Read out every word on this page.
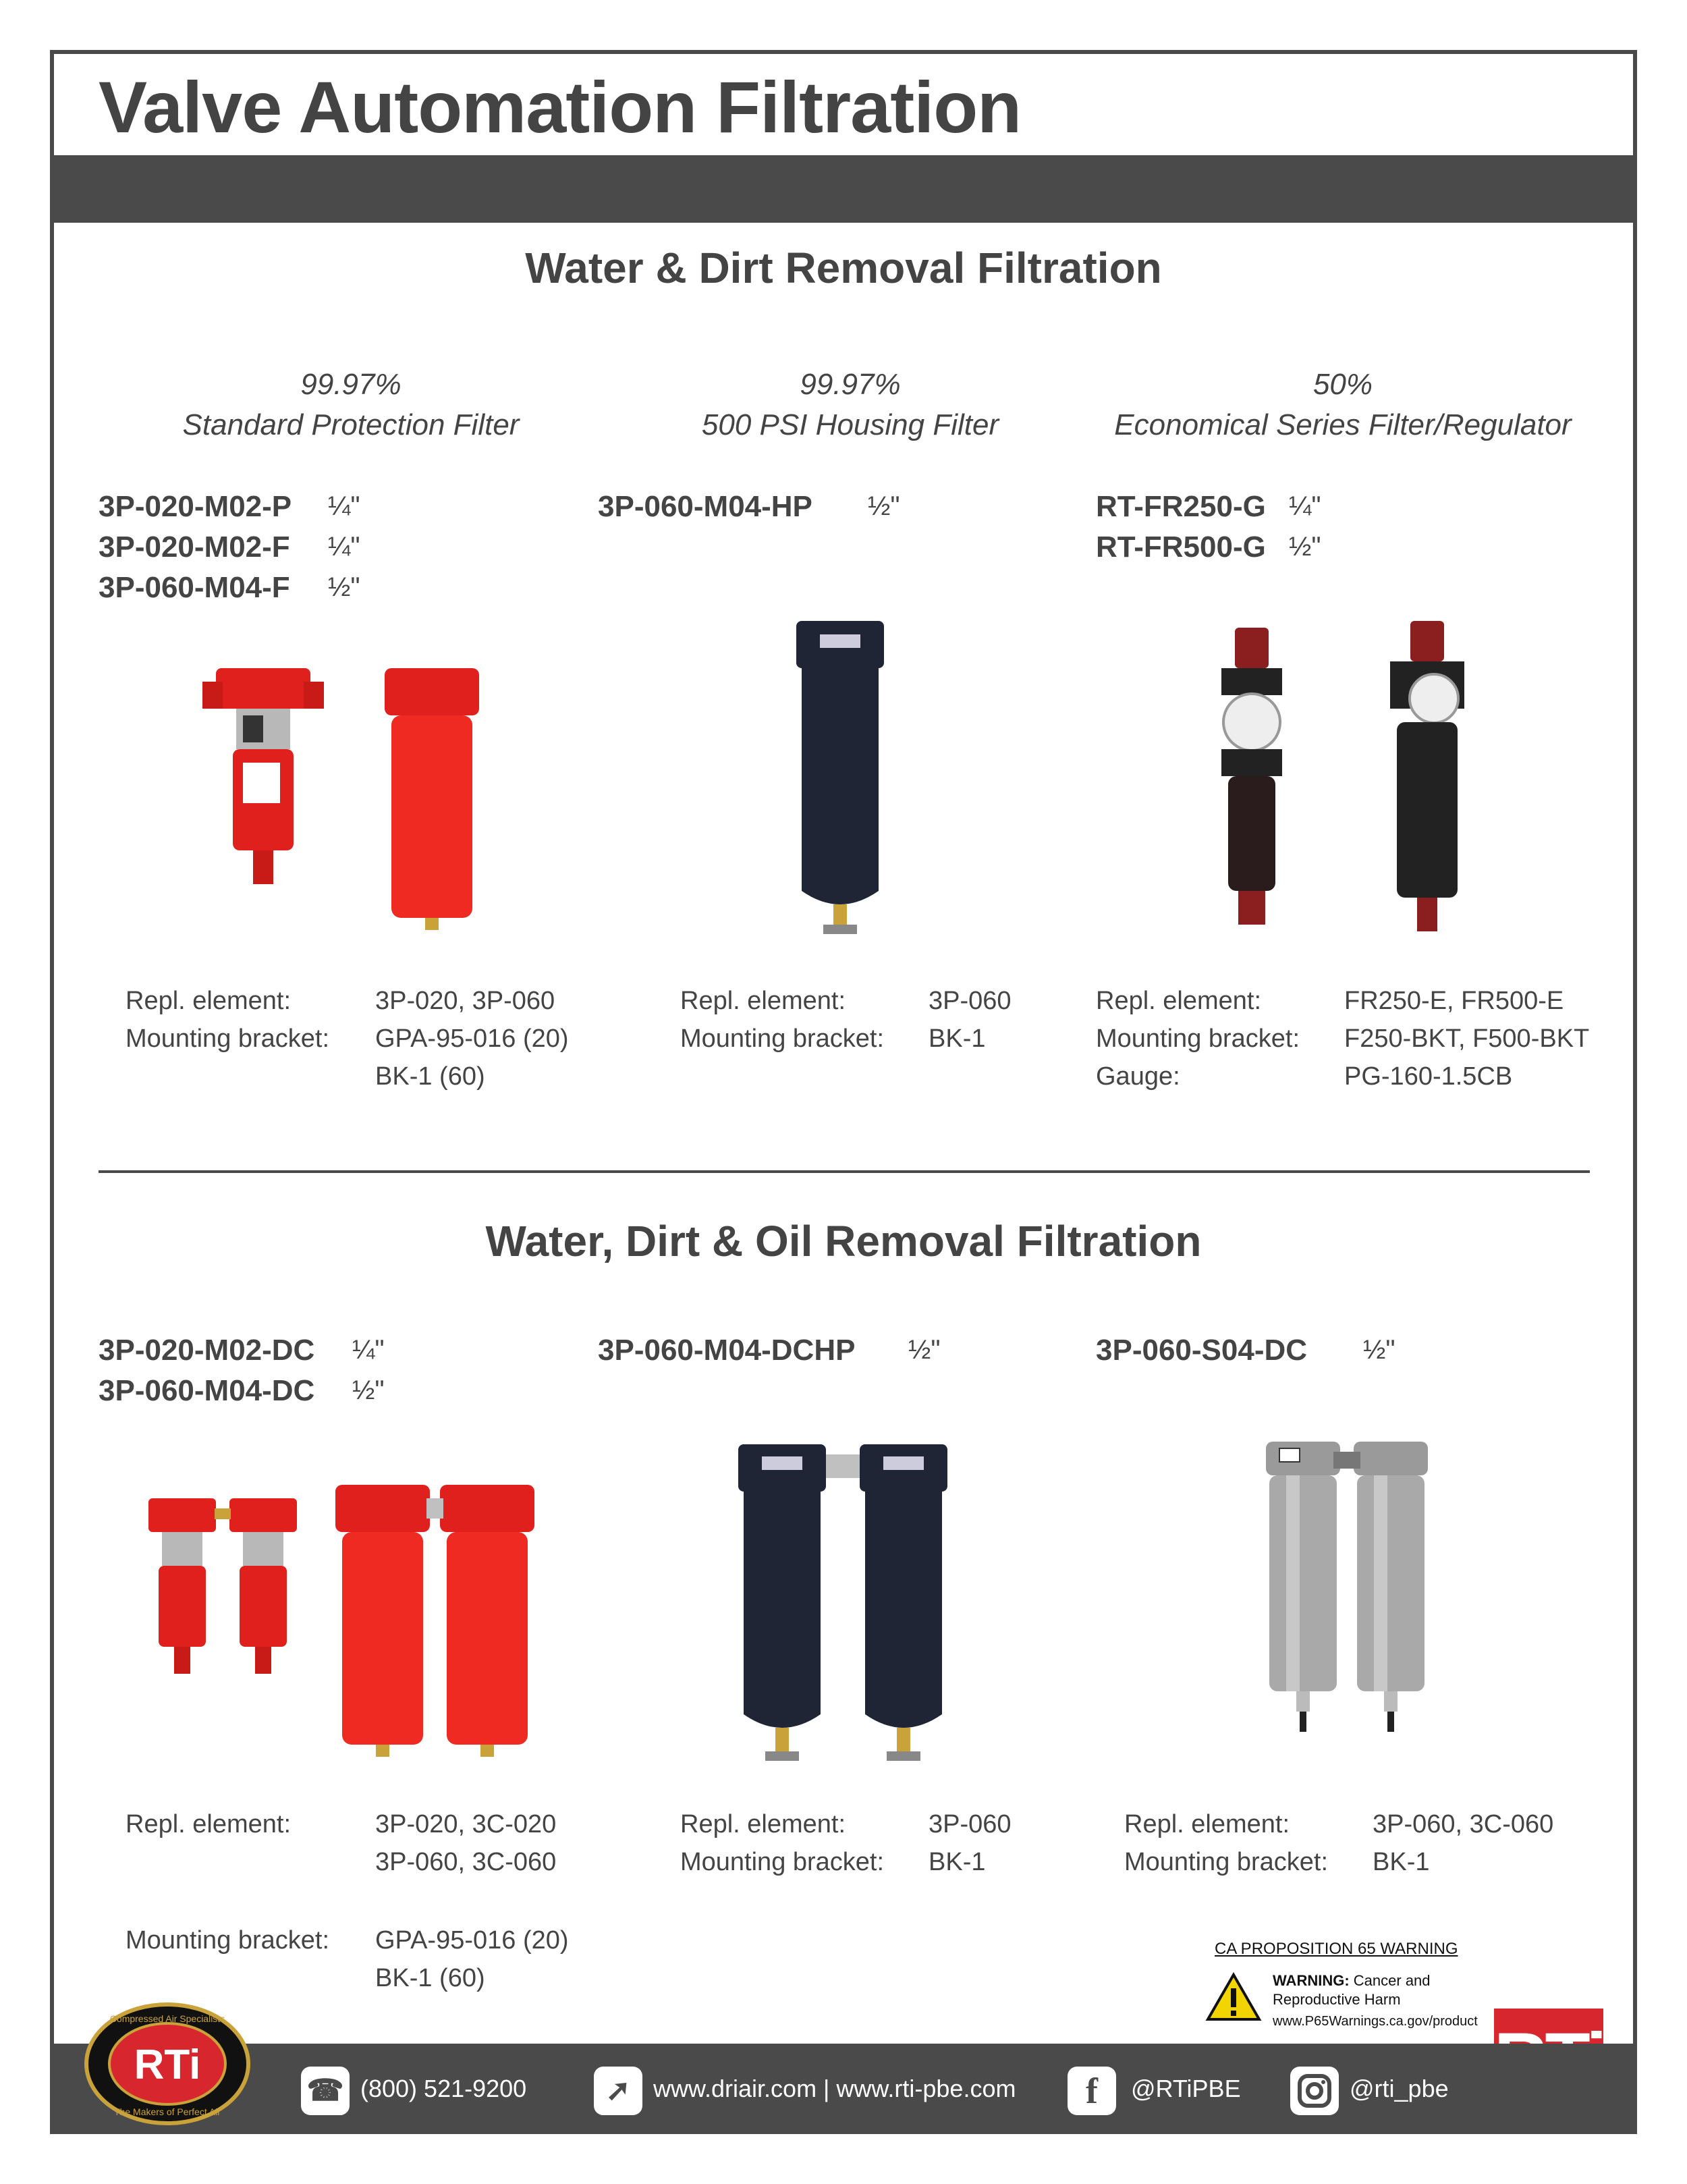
Valve Automation Filtration
Water & Dirt Removal Filtration
99.97%
Standard Protection Filter
99.97%
500 PSI Housing Filter
50%
Economical Series Filter/Regulator
3P-020-M02-P ¼"
3P-020-M02-F ¼"
3P-060-M04-F ½"
3P-060-M04-HP ½"	RT-FR250-G ¼"
RT-FR500-G ½"
Repl. element:	3P-020, 3P-060
Mounting bracket: GPA-95-016 (20)
BK-1 (60)
Repl. element:	3P-060
Mounting bracket: BK-1
Repl. element:	FR250-E, FR500-E
Mounting bracket: F250-BKT, F500-BKT
Gauge:	PG-160-1.5CB
Water, Dirt & Oil Removal Filtration
3P-020-M02-DC ¼"
3P-060-M04-DC ½"
3P-060-M04-DCHP ½"	3P-060-S04-DC ½"
Repl. element:	3P-020, 3C-020
3P-060, 3C-060
Mounting bracket: GPA-95-016 (20)
BK-1 (60)
Repl. element:	3P-060
Mounting bracket: BK-1
Repl. element:	3P-060, 3C-060
Mounting bracket: BK-1
CA PROPOSITION 65 WARNING
WARNING: Cancer and
Reproductive Harm
www.P65Warnings.ca.gov/product
RTi
Compressed Air Specialists
The Makers of Perfect Air
☎ (800) 521-9200	➚ www.driair.com | www.rti-pbe.com	f	@RTiPBE	@rti_pbe
